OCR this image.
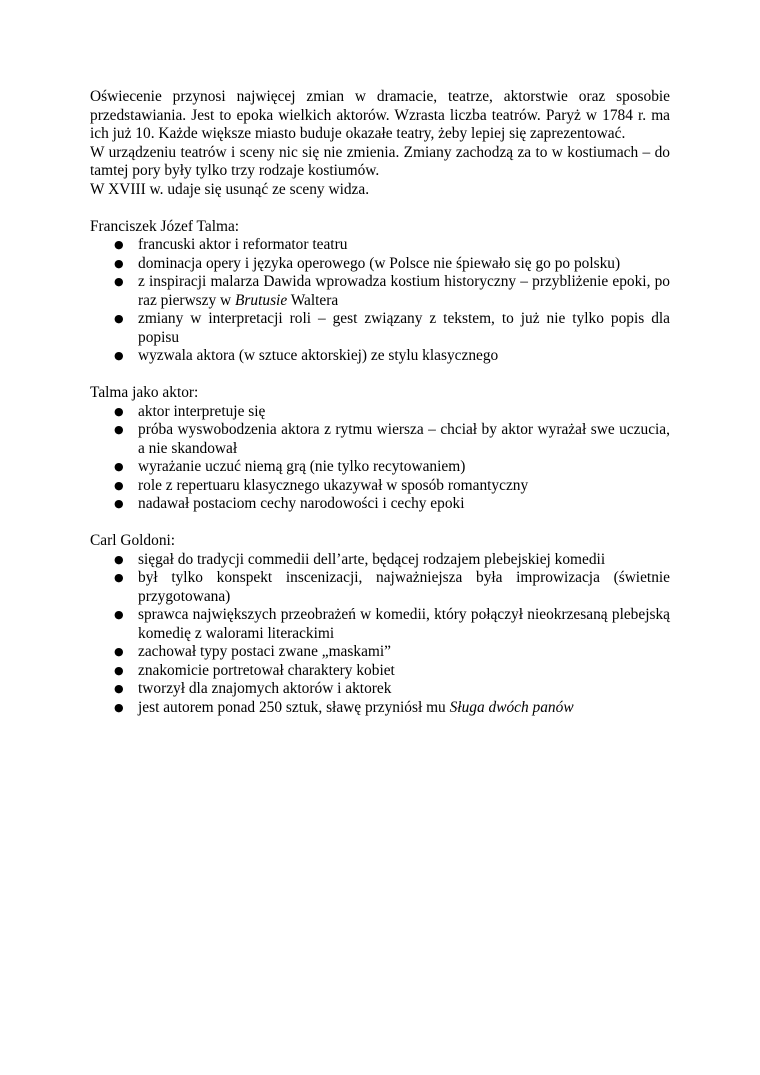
Oświecenie przynosi najwięcej zmian w dramacie, teatrze, aktorstwie oraz sposobie przedstawiania. Jest to epoka wielkich aktorów. Wzrasta liczba teatrów. Paryż w 1784 r. ma ich już 10. Każde większe miasto buduje okazałe teatry, żeby lepiej się zaprezentować.

W urządzeniu teatrów i sceny nic się nie zmienia. Zmiany zachodzą za to w kostiumach – do tamtej pory były tylko trzy rodzaje kostiumów.

W XVIII w. udaje się usunąć ze sceny widza.

Franciszek Józef Talma:

● francuski aktor i reformator teatru
● dominacja opery i języka operowego (w Polsce nie śpiewało się go po polsku)
● z inspiracji malarza Dawida wprowadza kostium historyczny – przybliżenie epoki, po raz pierwszy w Brutusie Waltera
● zmiany w interpretacji roli – gest związany z tekstem, to już nie tylko popis dla popisu
● wyzwala aktora (w sztuce aktorskiej) ze stylu klasycznego

Talma jako aktor:

● aktor interpretuje się
● próba wyswobodzenia aktora z rytmu wiersza – chciał by aktor wyrażał swe uczucia, a nie skandował
● wyrażanie uczuć niemą grą (nie tylko recytowaniem)
● role z repertuaru klasycznego ukazywał w sposób romantyczny
● nadawał postaciom cechy narodowości i cechy epoki

Carl Goldoni:

● sięgał do tradycji commedii dell’arte, będącej rodzajem plebejskiej komedii
● był tylko konspekt inscenizacji, najważniejsza była improwizacja (świetnie przygotowana)
● sprawca największych przeobrażeń w komedii, który połączył nieokrzesaną plebejską komedię z walorami literackimi
● zachował typy postaci zwane „maskami”
● znakomicie portretował charaktery kobiet
● tworzył dla znajomych aktorów i aktorek
● jest autorem ponad 250 sztuk, sławę przyniósł mu Sługa dwóch panów
